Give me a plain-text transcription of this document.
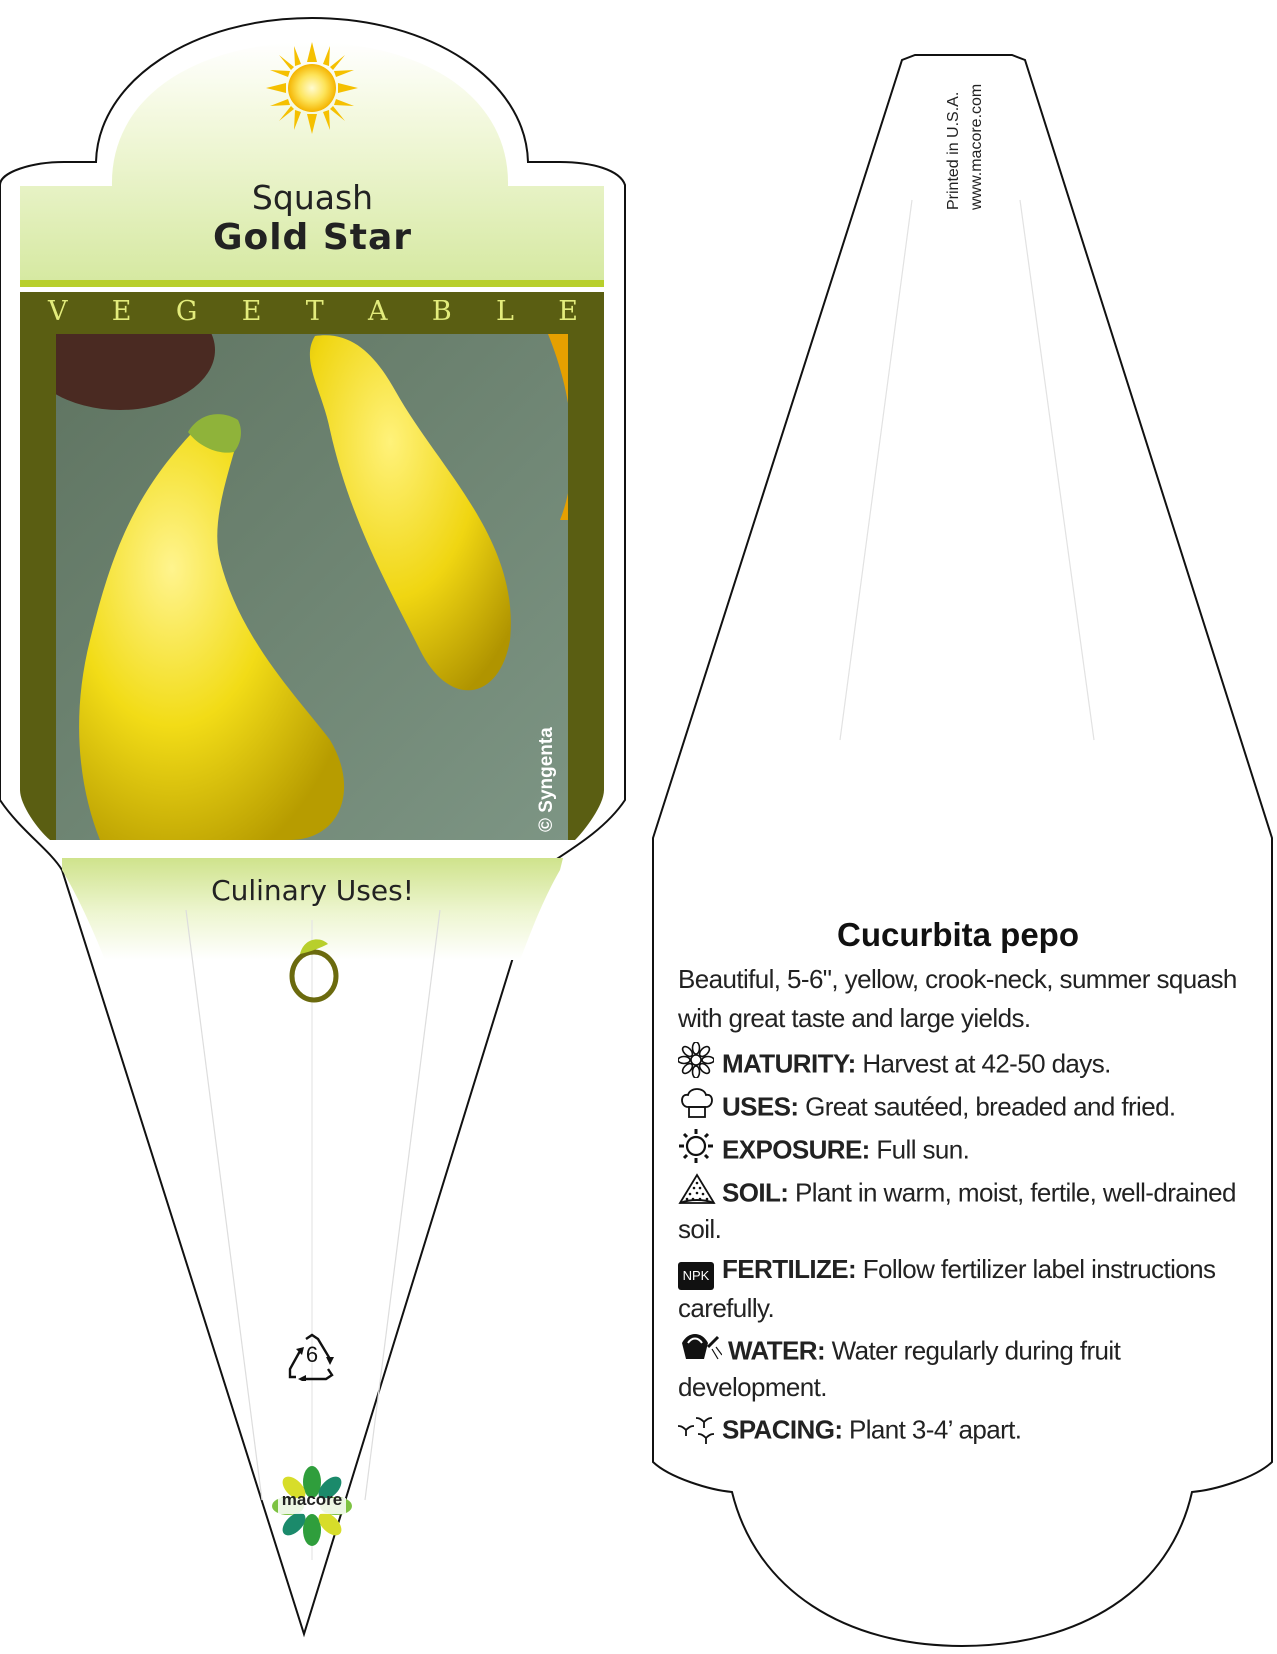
Squash
Gold Star
V E G E T A B L E
© Syngenta
Culinary Uses!
6
macore
Printed in U.S.A. www.macore.com
Cucurbita pepo
Beautiful, 5-6", yellow, crook-neck, summer squash
with great taste and large yields.
MATURITY: Harvest at 42-50 days.
USES: Great sautéed, breaded and fried.
EXPOSURE: Full sun.
SOIL: Plant in warm, moist, fertile, well-drained
soil.
NPK FERTILIZE: Follow fertilizer label instructions
carefully.
WATER: Water regularly during fruit
development.
SPACING: Plant 3-4’ apart.
